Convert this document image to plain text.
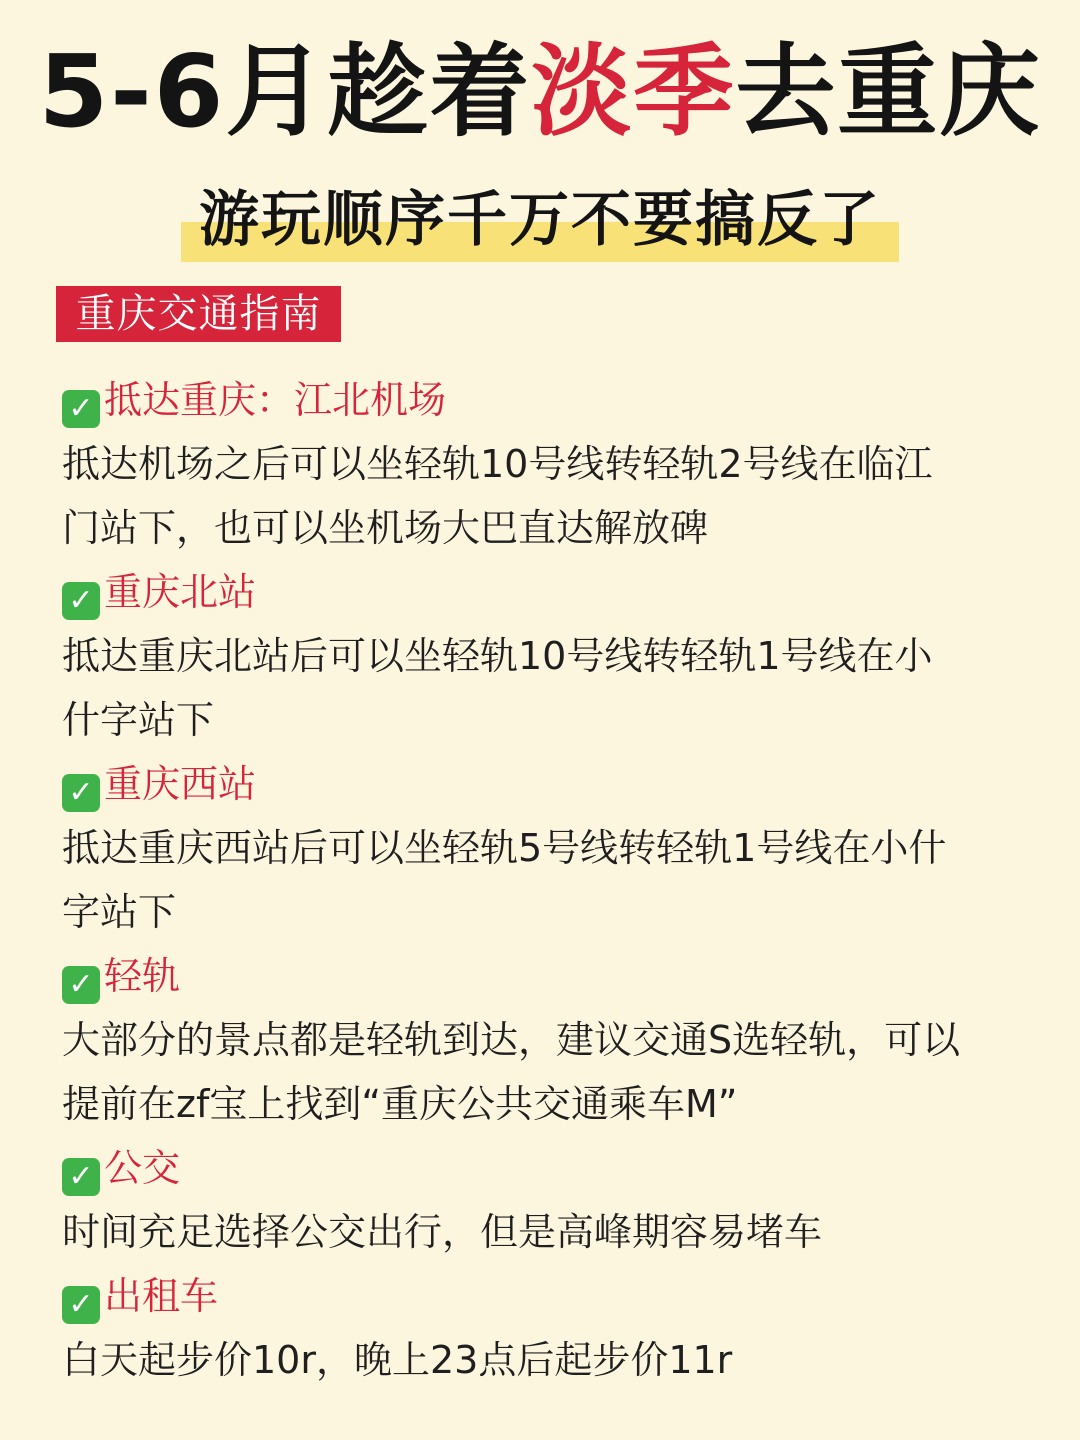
5-6月趁着淡季去重庆
游玩顺序千万不要搞反了
重庆交通指南
✓ 抵达重庆：江北机场
抵达机场之后可以坐轻轨10号线转轻轨2号线在临江
门站下，也可以坐机场大巴直达解放碑
✓ 重庆北站
抵达重庆北站后可以坐轻轨10号线转轻轨1号线在小
什字站下
✓ 重庆西站
抵达重庆西站后可以坐轻轨5号线转轻轨1号线在小什
字站下
✓ 轻轨
大部分的景点都是轻轨到达，建议交通S选轻轨，可以
提前在zf宝上找到“重庆公共交通乘车M”
✓ 公交
时间充足选择公交出行，但是高峰期容易堵车
✓ 出租车
白天起步价10r，晚上23点后起步价11r
